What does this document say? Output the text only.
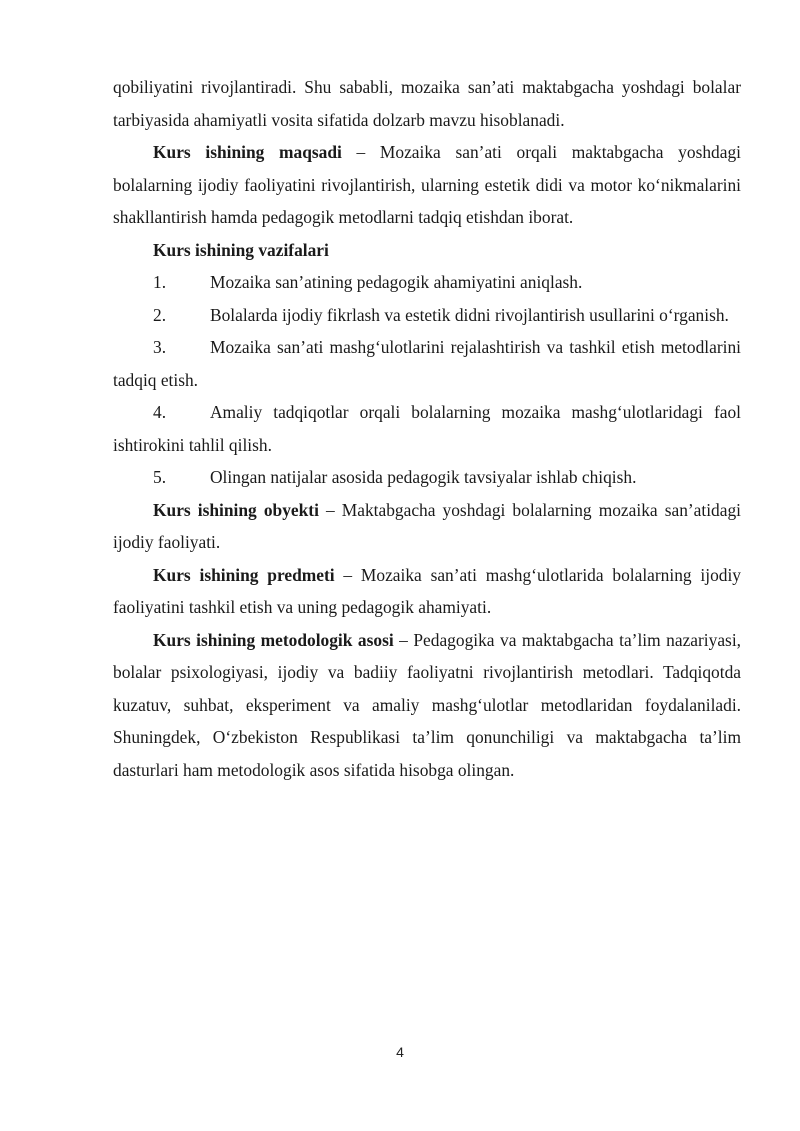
qobiliyatini rivojlantiradi. Shu sababli, mozaika san’ati maktabgacha yoshdagi bolalar tarbiyasida ahamiyatli vosita sifatida dolzarb mavzu hisoblanadi.

Kurs ishining maqsadi – Mozaika san’ati orqali maktabgacha yoshdagi bolalarning ijodiy faoliyatini rivojlantirish, ularning estetik didi va motor ko‘nikmalarini shakllantirish hamda pedagogik metodlarni tadqiq etishdan iborat.

Kurs ishining vazifalari

1.	Mozaika san’atining pedagogik ahamiyatini aniqlash.

2.	Bolalarda ijodiy fikrlash va estetik didni rivojlantirish usullarini o‘rganish.

3.	Mozaika san’ati mashg‘ulotlarini rejalashtirish va tashkil etish metodlarini tadqiq etish.

4.	Amaliy tadqiqotlar orqali bolalarning mozaika mashg‘ulotlaridagi faol ishtirokini tahlil qilish.

5.	Olingan natijalar asosida pedagogik tavsiyalar ishlab chiqish.

Kurs ishining obyekti – Maktabgacha yoshdagi bolalarning mozaika san’atidagi ijodiy faoliyati.

Kurs ishining predmeti – Mozaika san’ati mashg‘ulotlarida bolalarning ijodiy faoliyatini tashkil etish va uning pedagogik ahamiyati.

Kurs ishining metodologik asosi – Pedagogika va maktabgacha ta’lim nazariyasi, bolalar psixologiyasi, ijodiy va badiiy faoliyatni rivojlantirish metodlari. Tadqiqotda kuzatuv, suhbat, eksperiment va amaliy mashg‘ulotlar metodlaridan foydalaniladi. Shuningdek, O‘zbekiston Respublikasi ta’lim qonunchiligi va maktabgacha ta’lim dasturlari ham metodologik asos sifatida hisobga olingan.

4
